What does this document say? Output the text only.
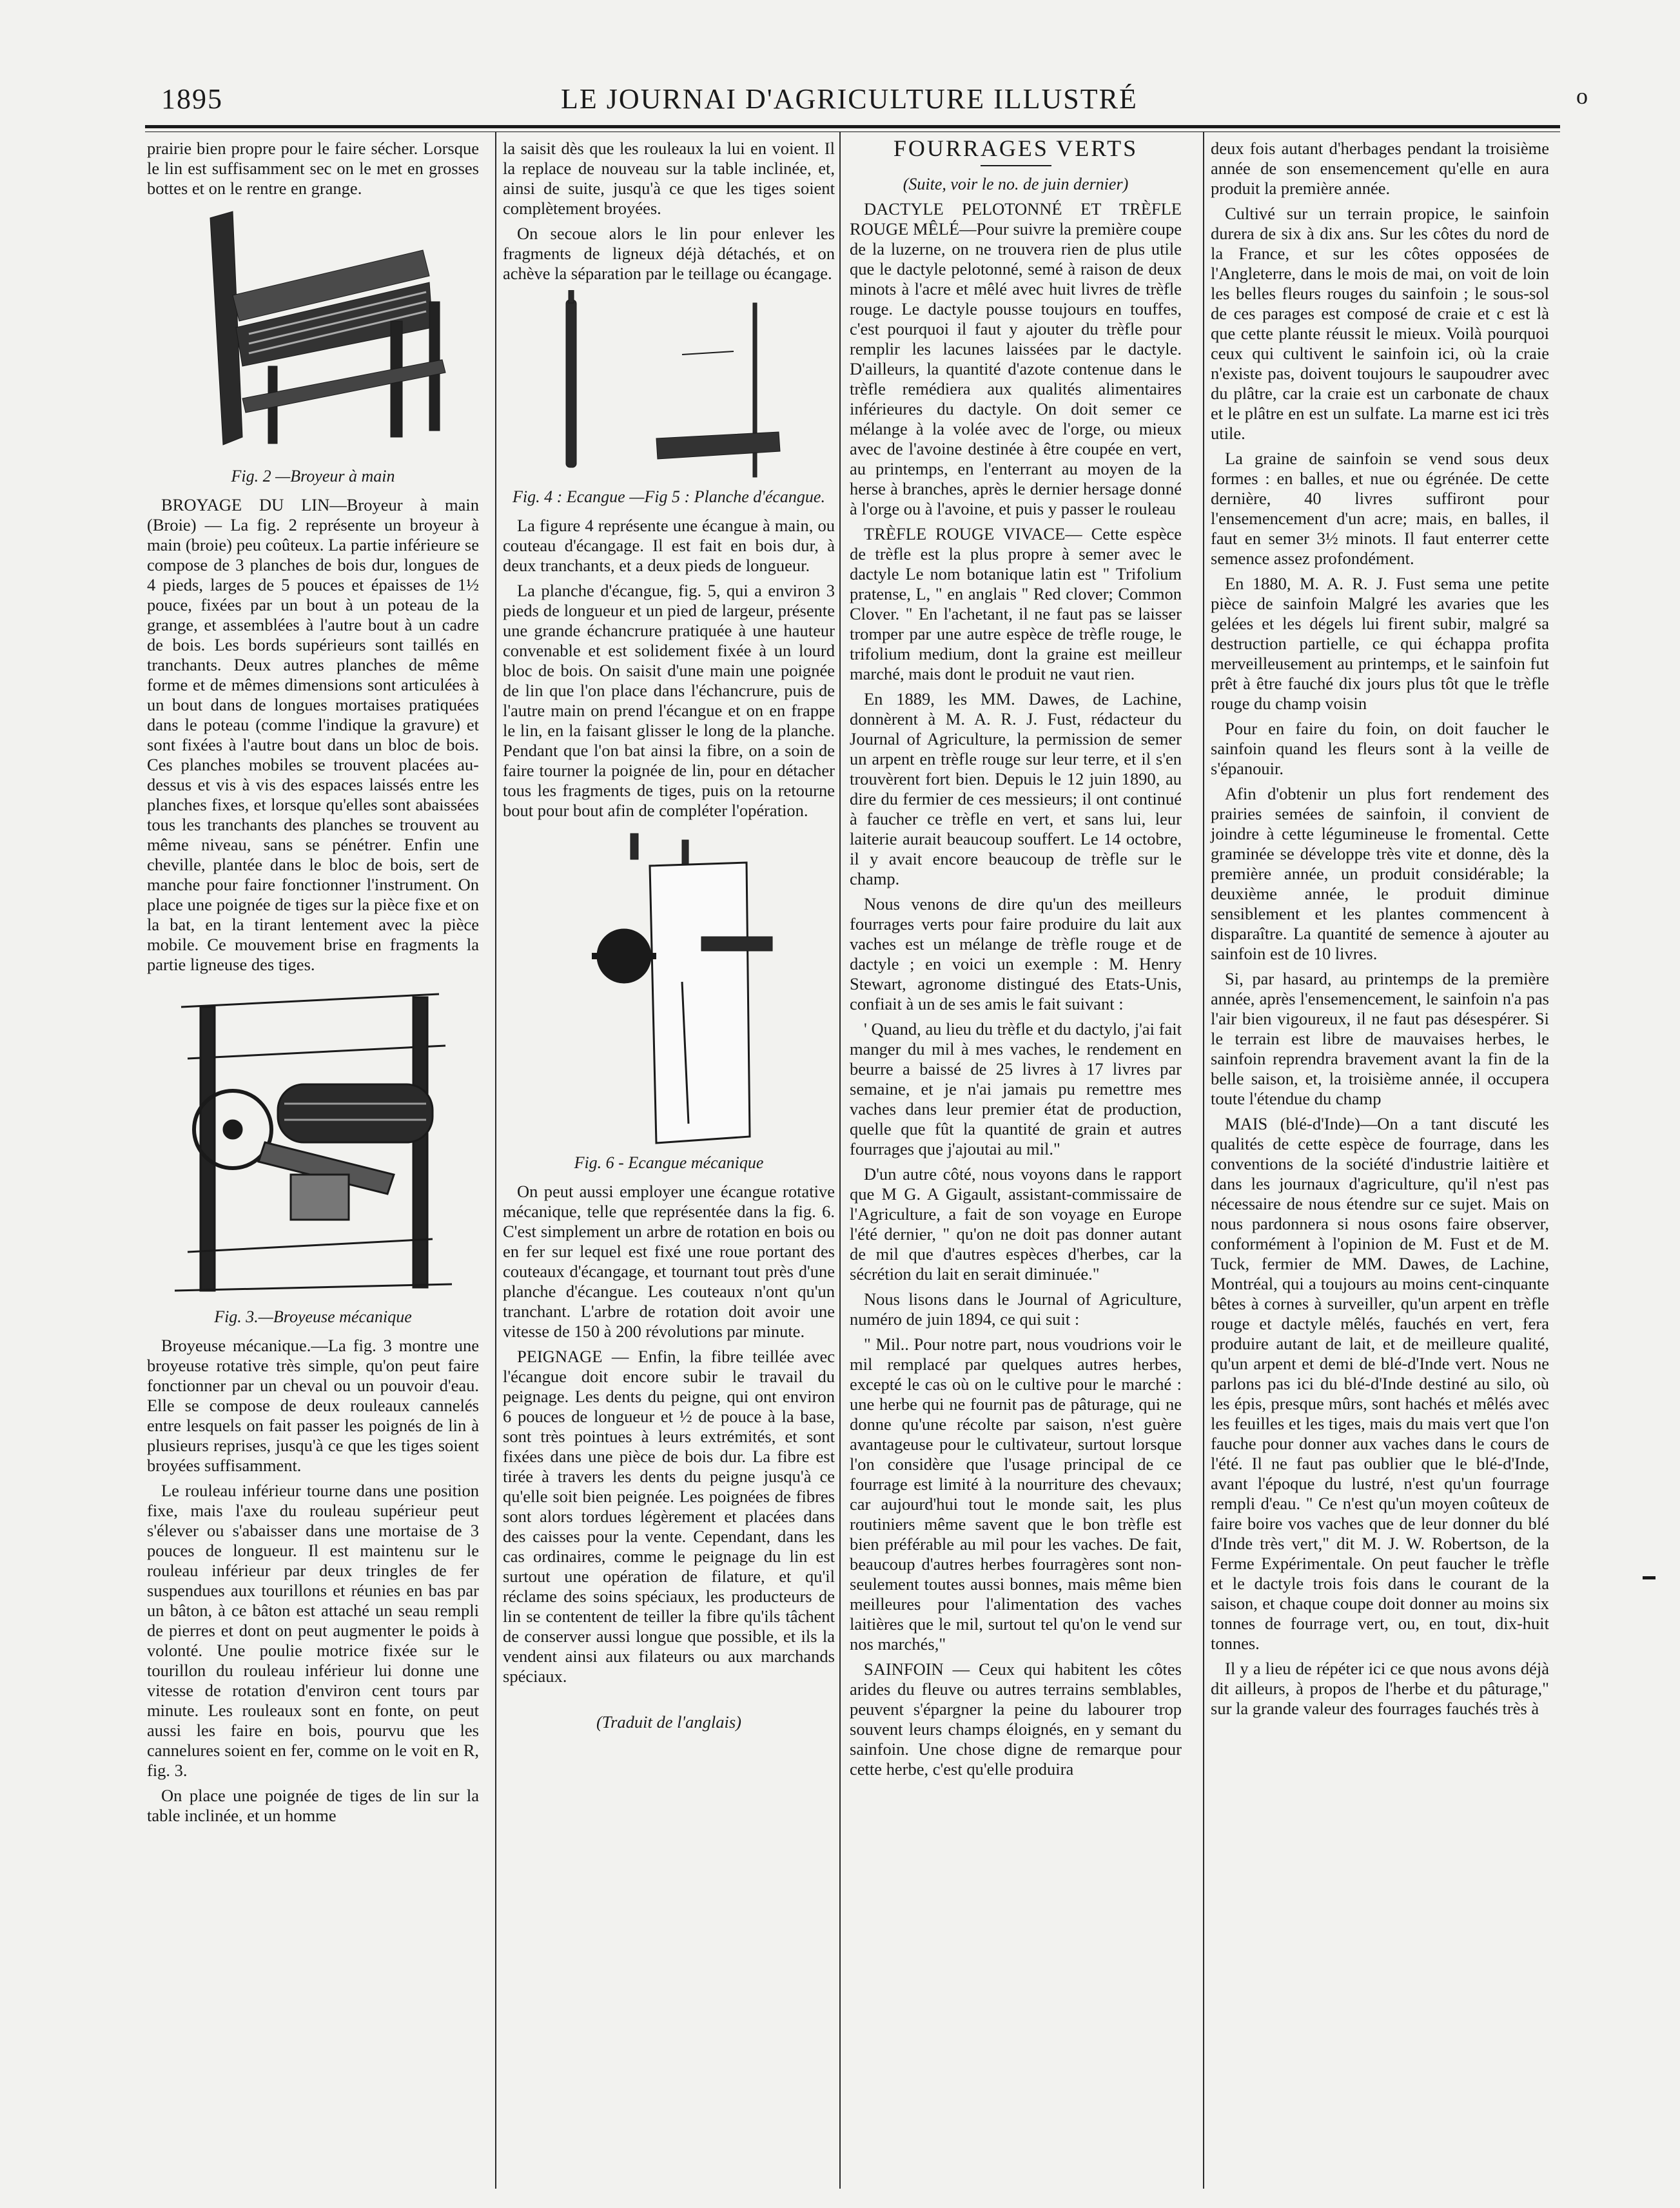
1895	LE JOURNAI D'AGRICULTURE ILLUSTRÉ	o

prairie bien propre pour le faire sécher. Lorsque le lin est suffisamment sec on le met en grosses bottes et on le rentre en grange.

Fig. 2 —Broyeur à main

BROYAGE DU LIN—Broyeur à main (Broie) — La fig. 2 représente un broyeur à main (broie) peu coûteux. La partie inférieure se compose de 3 planches de bois dur, longues de 4 pieds, larges de 5 pouces et épaisses de 1½ pouce, fixées par un bout à un poteau de la grange, et assemblées à l'autre bout à un cadre de bois. Les bords supérieurs sont taillés en tranchants. Deux autres planches de même forme et de mêmes dimensions sont articulées à un bout dans de longues mortaises pratiquées dans le poteau (comme l'indique la gravure) et sont fixées à l'autre bout dans un bloc de bois. Ces planches mobiles se trouvent placées au-dessus et vis à vis des espaces laissés entre les planches fixes, et lorsque qu'elles sont abaissées tous les tranchants des planches se trouvent au même niveau, sans se pénétrer. Enfin une cheville, plantée dans le bloc de bois, sert de manche pour faire fonctionner l'instrument. On place une poignée de tiges sur la pièce fixe et on la bat, en la tirant lentement avec la pièce mobile. Ce mouvement brise en fragments la partie ligneuse des tiges.

Fig. 3.—Broyeuse mécanique

Broyeuse mécanique.—La fig. 3 montre une broyeuse rotative très simple, qu'on peut faire fonctionner par un cheval ou un pouvoir d'eau. Elle se compose de deux rouleaux cannelés entre lesquels on fait passer les poignés de lin à plusieurs reprises, jusqu'à ce que les tiges soient broyées suffisamment.

Le rouleau inférieur tourne dans une position fixe, mais l'axe du rouleau supérieur peut s'élever ou s'abaisser dans une mortaise de 3 pouces de longueur. Il est maintenu sur le rouleau inférieur par deux tringles de fer suspendues aux tourillons et réunies en bas par un bâton, à ce bâton est attaché un seau rempli de pierres et dont on peut augmenter le poids à volonté. Une poulie motrice fixée sur le tourillon du rouleau inférieur lui donne une vitesse de rotation d'environ cent tours par minute. Les rouleaux sont en fonte, on peut aussi les faire en bois, pourvu que les cannelures soient en fer, comme on le voit en R, fig. 3.

On place une poignée de tiges de lin sur la table inclinée, et un homme

la saisit dès que les rouleaux la lui en voient. Il la replace de nouveau sur la table inclinée, et, ainsi de suite, jusqu'à ce que les tiges soient complètement broyées.

On secoue alors le lin pour enlever les fragments de ligneux déjà détachés, et on achève la séparation par le teillage ou écangage.

Fig. 4 : Ecangue —Fig 5 : Planche d'écangue.

La figure 4 représente une écangue à main, ou couteau d'écangage. Il est fait en bois dur, à deux tranchants, et a deux pieds de longueur.

La planche d'écangue, fig. 5, qui a environ 3 pieds de longueur et un pied de largeur, présente une grande échancrure pratiquée à une hauteur convenable et est solidement fixée à un lourd bloc de bois. On saisit d'une main une poignée de lin que l'on place dans l'échancrure, puis de l'autre main on prend l'écangue et on en frappe le lin, en la faisant glisser le long de la planche. Pendant que l'on bat ainsi la fibre, on a soin de faire tourner la poignée de lin, pour en détacher tous les fragments de tiges, puis on la retourne bout pour bout afin de compléter l'opération.

Fig. 6 - Ecangue mécanique

On peut aussi employer une écangue rotative mécanique, telle que représentée dans la fig. 6. C'est simplement un arbre de rotation en bois ou en fer sur lequel est fixé une roue portant des couteaux d'écangage, et tournant tout près d'une planche d'écangue. Les couteaux n'ont qu'un tranchant. L'arbre de rotation doit avoir une vitesse de 150 à 200 révolutions par minute.

PEIGNAGE — Enfin, la fibre teillée avec l'écangue doit encore subir le travail du peignage. Les dents du peigne, qui ont environ 6 pouces de longueur et ½ de pouce à la base, sont très pointues à leurs extrémités, et sont fixées dans une pièce de bois dur. La fibre est tirée à travers les dents du peigne jusqu'à ce qu'elle soit bien peignée. Les poignées de fibres sont alors tordues légèrement et placées dans des caisses pour la vente. Cependant, dans les cas ordinaires, comme le peignage du lin est surtout une opération de filature, et qu'il réclame des soins spéciaux, les producteurs de lin se contentent de teiller la fibre qu'ils tâchent de conserver aussi longue que possible, et ils la vendent ainsi aux filateurs ou aux marchands spéciaux.

(Traduit de l'anglais)
FOURRAGES VERTS
(Suite, voir le no. de juin dernier)

DACTYLE PELOTONNÉ ET TRÈFLE ROUGE MÊLÉ—Pour suivre la première coupe de la luzerne, on ne trouvera rien de plus utile que le dactyle pelotonné, semé à raison de deux minots à l'acre et mêlé avec huit livres de trèfle rouge. Le dactyle pousse toujours en touffes, c'est pourquoi il faut y ajouter du trèfle pour remplir les lacunes laissées par le dactyle. D'ailleurs, la quantité d'azote contenue dans le trèfle remédiera aux qualités alimentaires inférieures du dactyle. On doit semer ce mélange à la volée avec de l'orge, ou mieux avec de l'avoine destinée à être coupée en vert, au printemps, en l'enterrant au moyen de la herse à branches, après le dernier hersage donné à l'orge ou à l'avoine, et puis y passer le rouleau

TRÈFLE ROUGE VIVACE— Cette espèce de trèfle est la plus propre à semer avec le dactyle Le nom botanique latin est " Trifolium pratense, L, " en anglais " Red clover; Common Clover. " En l'achetant, il ne faut pas se laisser tromper par une autre espèce de trèfle rouge, le trifolium medium, dont la graine est meilleur marché, mais dont le produit ne vaut rien.

En 1889, les MM. Dawes, de Lachine, donnèrent à M. A. R. J. Fust, rédacteur du Journal of Agriculture, la permission de semer un arpent en trèfle rouge sur leur terre, et il s'en trouvèrent fort bien. Depuis le 12 juin 1890, au dire du fermier de ces messieurs; il ont continué à faucher ce trèfle en vert, et sans lui, leur laiterie aurait beaucoup souffert. Le 14 octobre, il y avait encore beaucoup de trèfle sur le champ.

Nous venons de dire qu'un des meilleurs fourrages verts pour faire produire du lait aux vaches est un mélange de trèfle rouge et de dactyle ; en voici un exemple : M. Henry Stewart, agronome distingué des Etats-Unis, confiait à un de ses amis le fait suivant :

' Quand, au lieu du trèfle et du dactylo, j'ai fait manger du mil à mes vaches, le rendement en beurre a baissé de 25 livres à 17 livres par semaine, et je n'ai jamais pu remettre mes vaches dans leur premier état de production, quelle que fût la quantité de grain et autres fourrages que j'ajoutai au mil."

D'un autre côté, nous voyons dans le rapport que M G. A Gigault, assistant-commissaire de l'Agriculture, a fait de son voyage en Europe l'été dernier, " qu'on ne doit pas donner autant de mil que d'autres espèces d'herbes, car la sécrétion du lait en serait diminuée."

Nous lisons dans le Journal of Agriculture, numéro de juin 1894, ce qui suit :

" Mil.. Pour notre part, nous voudrions voir le mil remplacé par quelques autres herbes, excepté le cas où on le cultive pour le marché : une herbe qui ne fournit pas de pâturage, qui ne donne qu'une récolte par saison, n'est guère avantageuse pour le cultivateur, surtout lorsque l'on considère que l'usage principal de ce fourrage est limité à la nourriture des chevaux; car aujourd'hui tout le monde sait, les plus routiniers même savent que le bon trèfle est bien préférable au mil pour les vaches. De fait, beaucoup d'autres herbes fourragères sont non-seulement toutes aussi bonnes, mais même bien meilleures pour l'alimentation des vaches laitières que le mil, surtout tel qu'on le vend sur nos marchés,"

SAINFOIN — Ceux qui habitent les côtes arides du fleuve ou autres terrains semblables, peuvent s'épargner la peine du labourer trop souvent leurs champs éloignés, en y semant du sainfoin. Une chose digne de remarque pour cette herbe, c'est qu'elle produira

deux fois autant d'herbages pendant la troisième année de son ensemencement qu'elle en aura produit la première année.

Cultivé sur un terrain propice, le sainfoin durera de six à dix ans. Sur les côtes du nord de la France, et sur les côtes opposées de l'Angleterre, dans le mois de mai, on voit de loin les belles fleurs rouges du sainfoin ; le sous-sol de ces parages est composé de craie et c est là que cette plante réussit le mieux. Voilà pourquoi ceux qui cultivent le sainfoin ici, où la craie n'existe pas, doivent toujours le saupoudrer avec du plâtre, car la craie est un carbonate de chaux et le plâtre en est un sulfate. La marne est ici très utile.

La graine de sainfoin se vend sous deux formes : en balles, et nue ou égrénée. De cette dernière, 40 livres suffiront pour l'ensemencement d'un acre; mais, en balles, il faut en semer 3½ minots. Il faut enterrer cette semence assez profondément.

En 1880, M. A. R. J. Fust sema une petite pièce de sainfoin Malgré les avaries que les gelées et les dégels lui firent subir, malgré sa destruction partielle, ce qui échappa profita merveilleusement au printemps, et le sainfoin fut prêt à être fauché dix jours plus tôt que le trèfle rouge du champ voisin

Pour en faire du foin, on doit faucher le sainfoin quand les fleurs sont à la veille de s'épanouir.

Afin d'obtenir un plus fort rendement des prairies semées de sainfoin, il convient de joindre à cette légumineuse le fromental. Cette graminée se développe très vite et donne, dès la première année, un produit considérable; la deuxième année, le produit diminue sensiblement et les plantes commencent à disparaître. La quantité de semence à ajouter au sainfoin est de 10 livres.

Si, par hasard, au printemps de la première année, après l'ensemencement, le sainfoin n'a pas l'air bien vigoureux, il ne faut pas désespérer. Si le terrain est libre de mauvaises herbes, le sainfoin reprendra bravement avant la fin de la belle saison, et, la troisième année, il occupera toute l'étendue du champ

MAIS (blé-d'Inde)—On a tant discuté les qualités de cette espèce de fourrage, dans les conventions de la société d'industrie laitière et dans les journaux d'agriculture, qu'il n'est pas nécessaire de nous étendre sur ce sujet. Mais on nous pardonnera si nous osons faire observer, conformément à l'opinion de M. Fust et de M. Tuck, fermier de MM. Dawes, de Lachine, Montréal, qui a toujours au moins cent-cinquante bêtes à cornes à surveiller, qu'un arpent en trèfle rouge et dactyle mêlés, fauchés en vert, fera produire autant de lait, et de meilleure qualité, qu'un arpent et demi de blé-d'Inde vert. Nous ne parlons pas ici du blé-d'Inde destiné au silo, où les épis, presque mûrs, sont hachés et mêlés avec les feuilles et les tiges, mais du mais vert que l'on fauche pour donner aux vaches dans le cours de l'été. Il ne faut pas oublier que le blé-d'Inde, avant l'époque du lustré, n'est qu'un fourrage rempli d'eau. " Ce n'est qu'un moyen coûteux de faire boire vos vaches que de leur donner du blé d'Inde très vert," dit M. J. W. Robertson, de la Ferme Expérimentale. On peut faucher le trèfle et le dactyle trois fois dans le courant de la saison, et chaque coupe doit donner au moins six tonnes de fourrage vert, ou, en tout, dix-huit tonnes.

Il y a lieu de répéter ici ce que nous avons déjà dit ailleurs, à propos de l'herbe et du pâturage," sur la grande valeur des fourrages fauchés très à
